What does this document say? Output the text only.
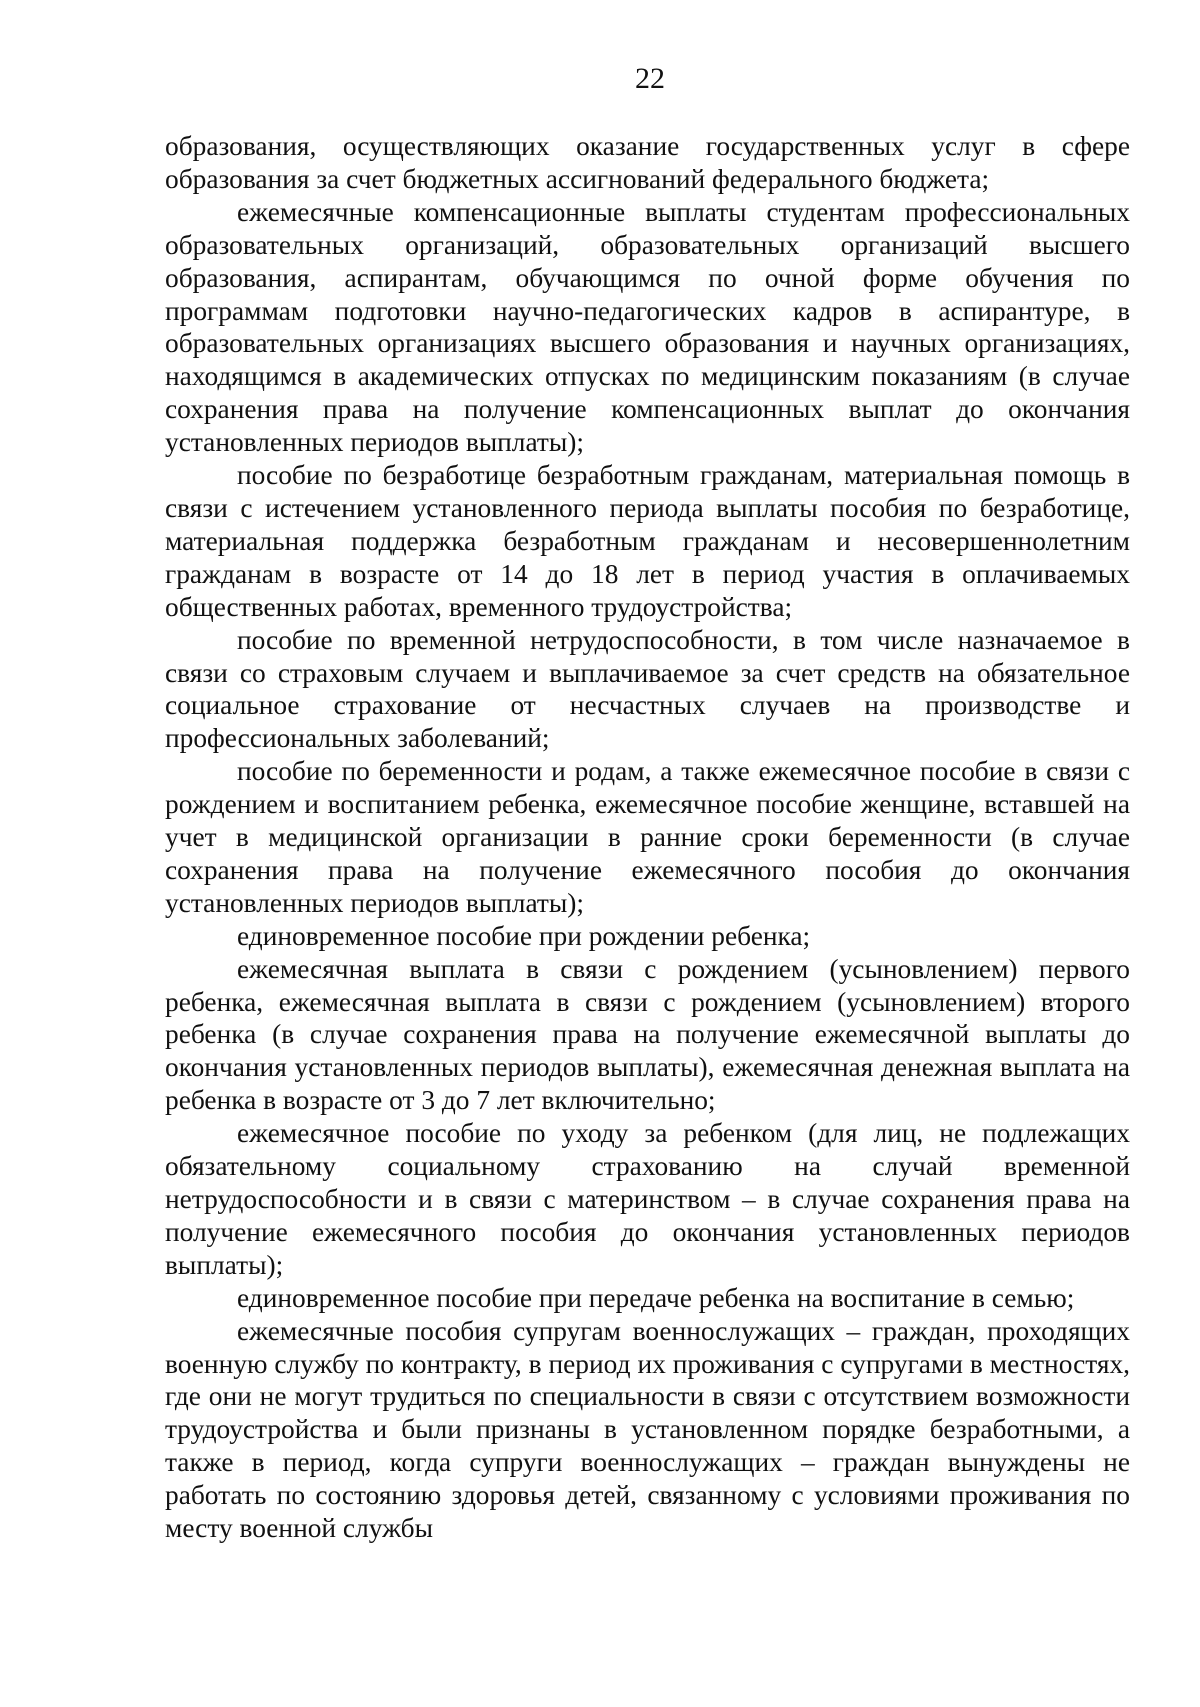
22

образования, осуществляющих оказание государственных услуг в сфере образования за счет бюджетных ассигнований федерального бюджета;

ежемесячные компенсационные выплаты студентам профессиональных образовательных организаций, образовательных организаций высшего образования, аспирантам, обучающимся по очной форме обучения по программам подготовки научно-педагогических кадров в аспирантуре, в образовательных организациях высшего образования и научных организациях, находящимся в академических отпусках по медицинским показаниям (в случае сохранения права на получение компенсационных выплат до окончания установленных периодов выплаты);

пособие по безработице безработным гражданам, материальная помощь в связи с истечением установленного периода выплаты пособия по безработице, материальная поддержка безработным гражданам и несовершеннолетним гражданам в возрасте от 14 до 18 лет в период участия в оплачиваемых общественных работах, временного трудоустройства;

пособие по временной нетрудоспособности, в том числе назначаемое в связи со страховым случаем и выплачиваемое за счет средств на обязательное социальное страхование от несчастных случаев на производстве и профессиональных заболеваний;

пособие по беременности и родам, а также ежемесячное пособие в связи с рождением и воспитанием ребенка, ежемесячное пособие женщине, вставшей на учет в медицинской организации в ранние сроки беременности (в случае сохранения права на получение ежемесячного пособия до окончания установленных периодов выплаты);

единовременное пособие при рождении ребенка;

ежемесячная выплата в связи с рождением (усыновлением) первого ребенка, ежемесячная выплата в связи с рождением (усыновлением) второго ребенка (в случае сохранения права на получение ежемесячной выплаты до окончания установленных периодов выплаты), ежемесячная денежная выплата на ребенка в возрасте от 3 до 7 лет включительно;

ежемесячное пособие по уходу за ребенком (для лиц, не подлежащих обязательному социальному страхованию на случай временной нетрудоспособности и в связи с материнством – в случае сохранения права на получение ежемесячного пособия до окончания установленных периодов выплаты);

единовременное пособие при передаче ребенка на воспитание в семью;

ежемесячные пособия супругам военнослужащих – граждан, проходящих военную службу по контракту, в период их проживания с супругами в местностях, где они не могут трудиться по специальности в связи с отсутствием возможности трудоустройства и были признаны в установленном порядке безработными, а также в период, когда супруги военнослужащих – граждан вынуждены не работать по состоянию здоровья детей, связанному с условиями проживания по месту военной службы
